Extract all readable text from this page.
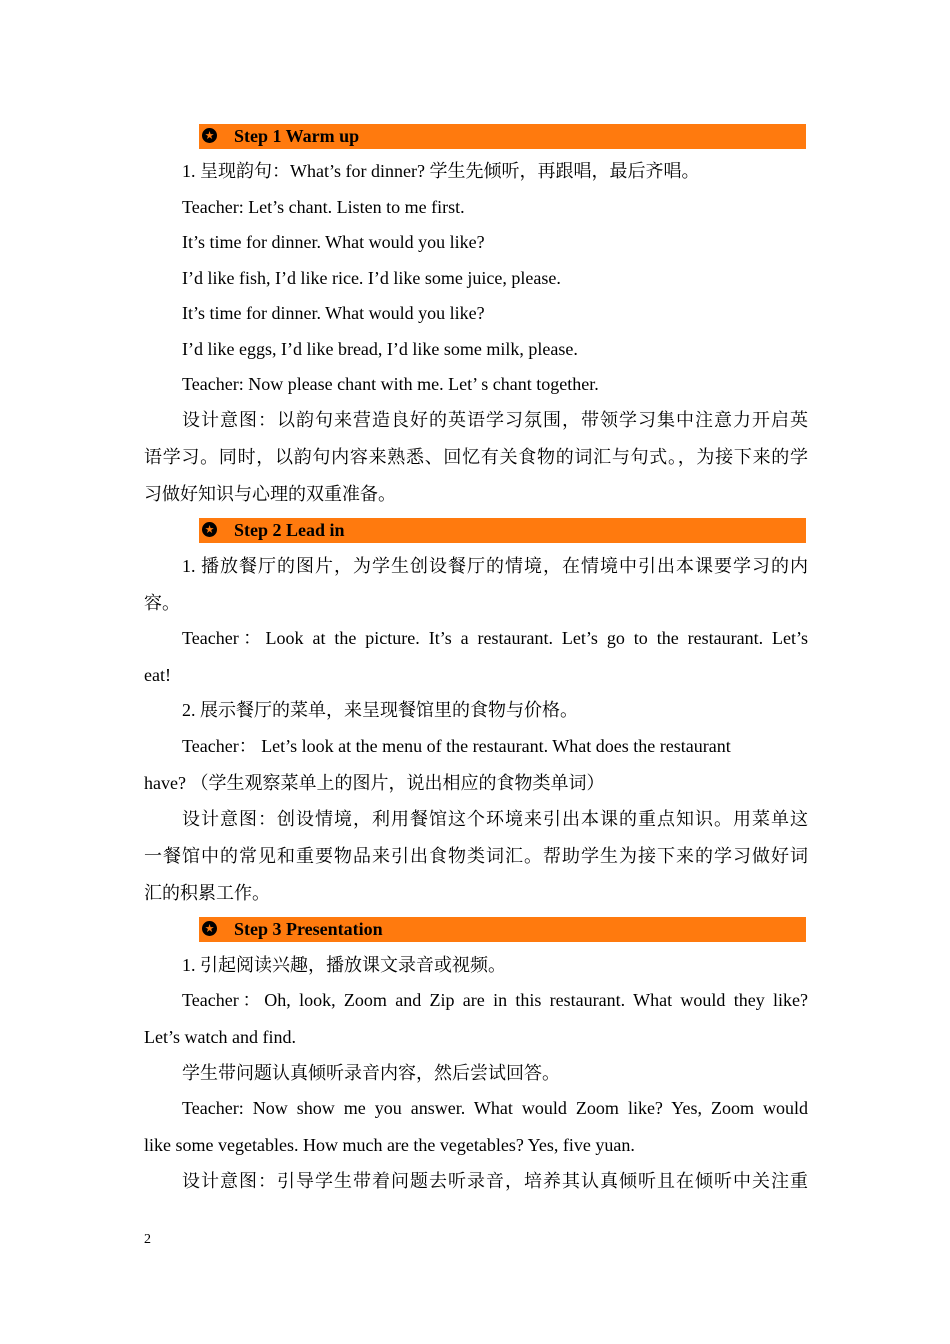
★
Step 1 Warm up
1. 呈现韵句：What’s for dinner? 学生先倾听，再跟唱，最后齐唱。
Teacher: Let’s chant. Listen to me first.
It’s time for dinner. What would you like?
I’d like fish, I’d like rice. I’d like some juice, please.
It’s time for dinner. What would you like?
I’d like eggs, I’d like bread, I’d like some milk, please.
Teacher: Now please chant with me. Let’ s chant together.
设计意图：以韵句来营造良好的英语学习氛围，带领学习集中注意力开启英
语学习。同时，以韵句内容来熟悉、回忆有关食物的词汇与句式。，为接下来的学
习做好知识与心理的双重准备。
★
Step 2 Lead in
1. 播放餐厅的图片，为学生创设餐厅的情境，在情境中引出本课要学习的内
容。
Teacher：Look at the picture. It’s a restaurant. Let’s go to the restaurant. Let’s
eat!
2. 展示餐厅的菜单，来呈现餐馆里的食物与价格。
Teacher： Let’s look at the menu of the restaurant. What does the restaurant
have? （学生观察菜单上的图片，说出相应的食物类单词）
设计意图：创设情境，利用餐馆这个环境来引出本课的重点知识。用菜单这
一餐馆中的常见和重要物品来引出食物类词汇。帮助学生为接下来的学习做好词
汇的积累工作。
★
Step 3 Presentation
1. 引起阅读兴趣，播放课文录音或视频。
Teacher：Oh, look, Zoom and Zip are in this restaurant. What would they like?
Let’s watch and find.
学生带问题认真倾听录音内容，然后尝试回答。
Teacher: Now show me you answer. What would Zoom like? Yes, Zoom would
like some vegetables. How much are the vegetables? Yes, five yuan.
设计意图：引导学生带着问题去听录音，培养其认真倾听且在倾听中关注重
2
